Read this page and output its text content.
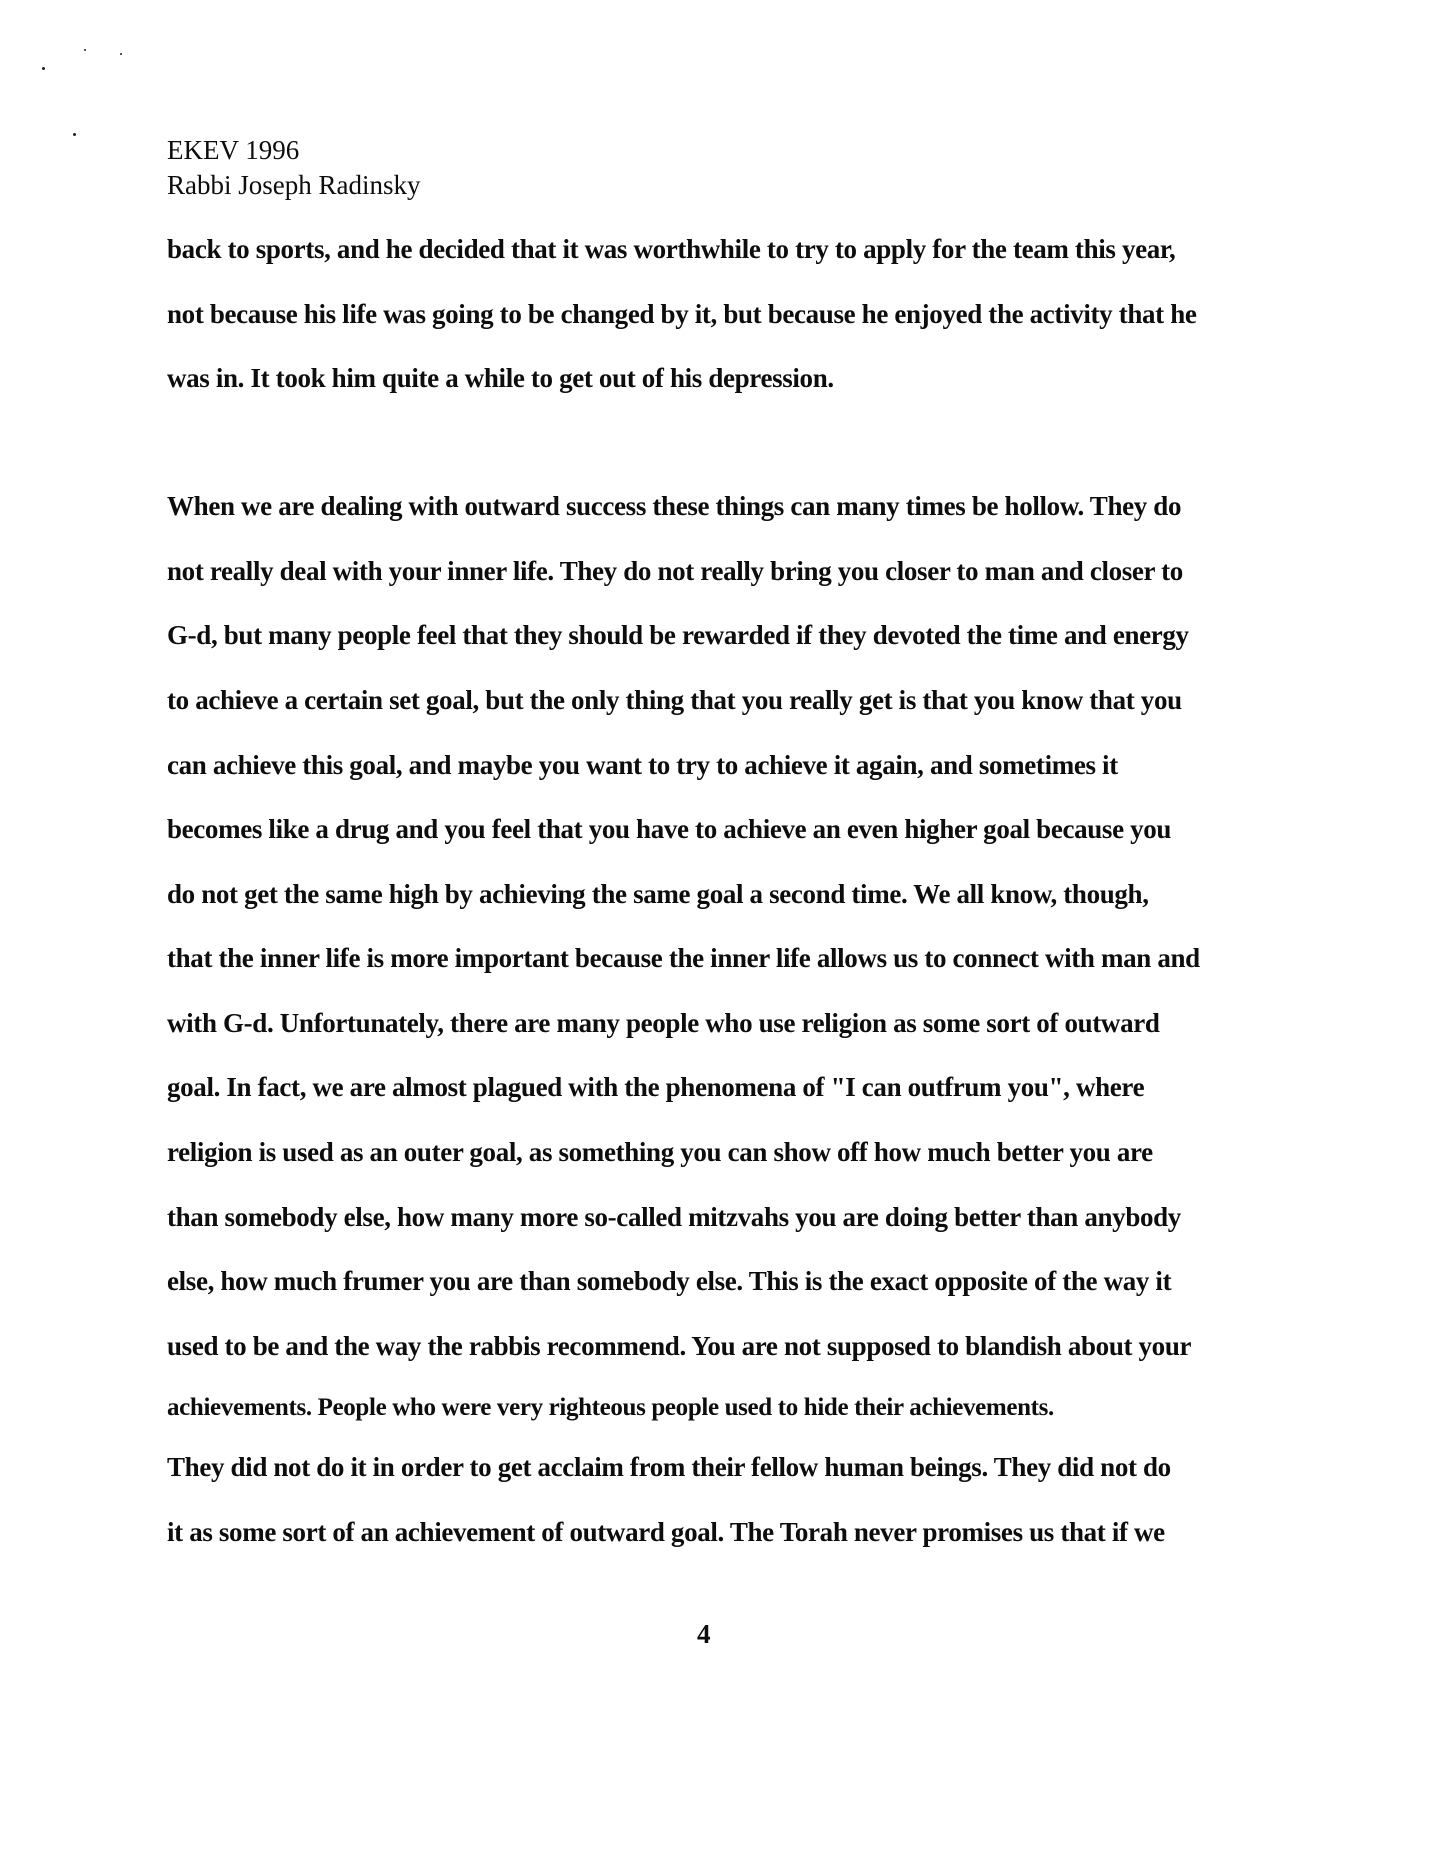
EKEV 1996
Rabbi Joseph Radinsky
back to sports, and he decided that it was worthwhile to try to apply for the team this year,
not because his life was going to be changed by it, but because he enjoyed the activity that he
was in. It took him quite a while to get out of his depression.
When we are dealing with outward success these things can many times be hollow. They do
not really deal with your inner life. They do not really bring you closer to man and closer to
G-d, but many people feel that they should be rewarded if they devoted the time and energy
to achieve a certain set goal, but the only thing that you really get is that you know that you
can achieve this goal, and maybe you want to try to achieve it again, and sometimes it
becomes like a drug and you feel that you have to achieve an even higher goal because you
do not get the same high by achieving the same goal a second time. We all know, though,
that the inner life is more important because the inner life allows us to connect with man and
with G-d. Unfortunately, there are many people who use religion as some sort of outward
goal. In fact, we are almost plagued with the phenomena of "I can outfrum you", where
religion is used as an outer goal, as something you can show off how much better you are
than somebody else, how many more so-called mitzvahs you are doing better than anybody
else, how much frumer you are than somebody else. This is the exact opposite of the way it
used to be and the way the rabbis recommend. You are not supposed to blandish about your
achievements. People who were very righteous people used to hide their achievements.
They did not do it in order to get acclaim from their fellow human beings. They did not do
it as some sort of an achievement of outward goal. The Torah never promises us that if we
4
